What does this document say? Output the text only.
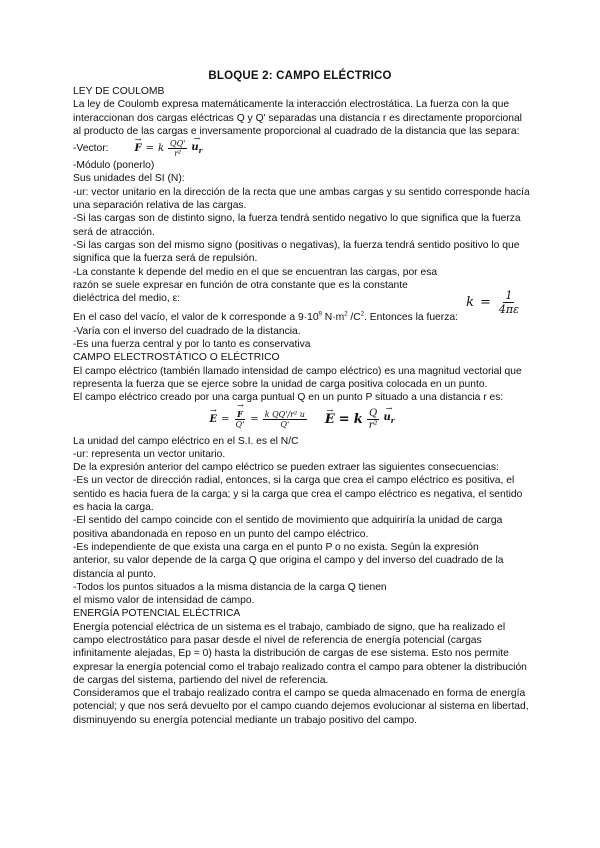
BLOQUE 2: CAMPO ELÉCTRICO

LEY DE COULOMB

La ley de Coulomb expresa matemáticamente la interacción electrostática. La fuerza con la que interaccionan dos cargas eléctricas Q y Q' separadas una distancia r es directamente proporcional al producto de las cargas e inversamente proporcional al cuadrado de la distancia que las separa:

-Vector:
→	F = k $\frac{QQ'}{\text{r²}}$
→ $u_r$

-Módulo (ponerlo)

Sus unidades del SI (N):

-ur: vector unitario en la dirección de la recta que une ambas cargas y su sentido corresponde hacía una separación relativa de las cargas.

-Si las cargas son de distinto signo, la fuerza tendrá sentido negativo lo que significa que la fuerza será de atracción.

-Si las cargas son del mismo signo (positivas o negativas), la fuerza tendrá sentido positivo lo que significa que la fuerza será de repulsión.

-La constante k depende del medio en el que se encuentran las cargas, por esa razón se suele expresar en función de otra constante que es la constante dieléctrica del medio, ε:	$k = \frac{1}{4\pi\varepsilon}$

En el caso del vacío, el valor de k corresponde a $9\cdot 10^9$ $N\cdot m^2$ $/C^2$. Entonces la fuerza:

-Varía con el inverso del cuadrado de la distancia.

-Es una fuerza central y por lo tanto es conservativa

CAMPO ELECTROSTÁTICO O ELÉCTRICO

El campo eléctrico (también llamado intensidad de campo eléctrico) es una magnitud vectorial que representa la fuerza que se ejerce sobre la unidad de carga positiva colocada en un punto.

El campo eléctrico creado por una carga puntual Q en un punto P situado a una distancia r es:

→ E =
→ $\frac{F}{Q'} = \frac{\text{k QQ'/r² u}}{Q'}$
→ E = k $\frac{Q}{\text{r²}}$
→ $u_r$

La unidad del campo eléctrico en el S.I. es el N/C

-ur: representa un vector unitario.

De la expresión anterior del campo eléctrico se pueden extraer las siguientes consecuencias:

-Es un vector de dirección radial, entonces, si la carga que crea el campo eléctrico es positiva, el sentido es hacia fuera de la carga; y si la carga que crea el campo eléctrico es negativa, el sentido es hacia la carga.

-El sentido del campo coincide con el sentido de movimiento que adquiriría la unidad de carga positiva abandonada en reposo en un punto del campo eléctrico.

-Es independiente de que exista una carga en el punto P o no exista. Según la expresión

anterior, su valor depende de la carga Q que origina el campo y del inverso del cuadrado de la distancia al punto.

-Todos los puntos situados a la misma distancia de la carga Q tienen

el mismo valor de intensidad de campo.

ENERGÍA POTENCIAL ELÉCTRICA

Energía potencial eléctrica de un sistema es el trabajo, cambiado de signo, que ha realizado el campo electrostático para pasar desde el nivel de referencia de energía potencial (cargas infinitamente alejadas, Ep = 0) hasta la distribución de cargas de ese sistema. Esto nos permite expresar la energía potencial como el trabajo realizado contra el campo para obtener la distribución de cargas del sistema, partiendo del nivel de referencia.

Consideramos que el trabajo realizado contra el campo se queda almacenado en forma de energía potencial; y que nos será devuelto por el campo cuando dejemos evolucionar al sistema en libertad, disminuyendo su energía potencial mediante un trabajo positivo del campo.
